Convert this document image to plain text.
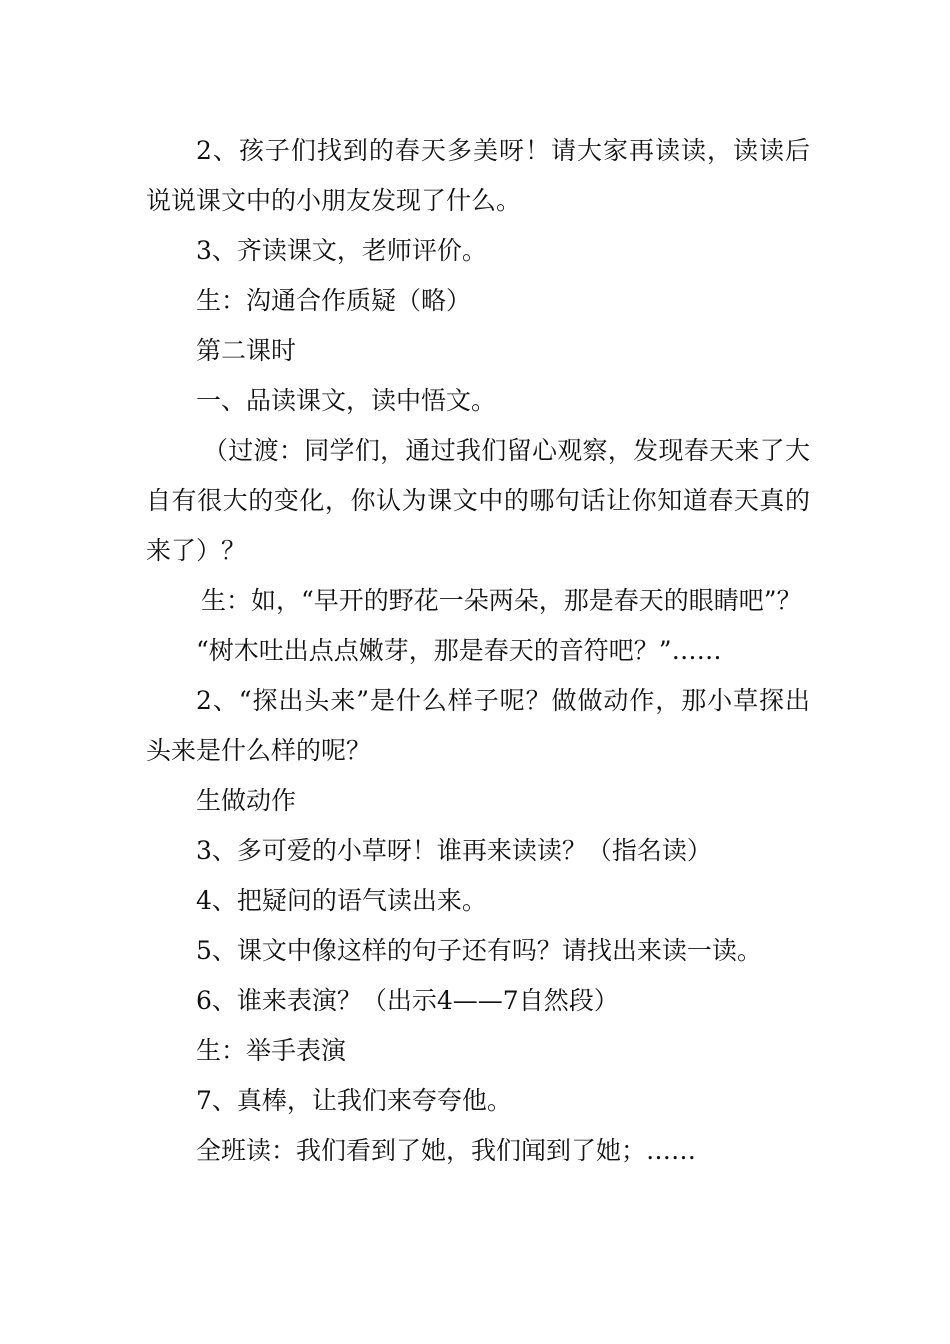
2、孩子们找到的春天多美呀！请大家再读读，读读后说说课文中的小朋友发现了什么。

3、齐读课文，老师评价。

生：沟通合作质疑（略）

第二课时

一、品读课文，读中悟文。

（过渡：同学们，通过我们留心观察，发现春天来了大自有很大的变化，你认为课文中的哪句话让你知道春天真的来了）？

生：如，“早开的野花一朵两朵，那是春天的眼睛吧”？

“树木吐出点点嫩芽，那是春天的音符吧？”……

2、“探出头来”是什么样子呢？做做动作，那小草探出头来是什么样的呢？

生做动作

3、多可爱的小草呀！谁再来读读？（指名读）

4、把疑问的语气读出来。

5、课文中像这样的句子还有吗？请找出来读一读。

6、谁来表演？（出示4——7自然段）

生：举手表演

7、真棒，让我们来夸夸他。

全班读：我们看到了她，我们闻到了她；……
